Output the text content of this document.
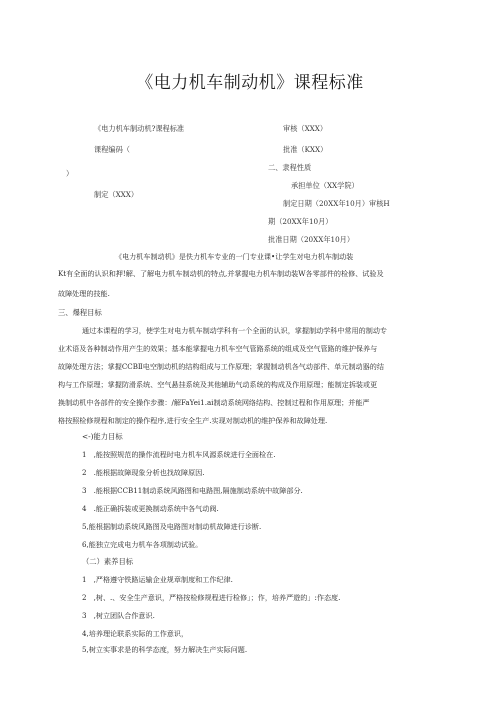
《电力机车制动机》课程标准
《电力机车制动机?课程标准
课程编码（
）
制定（XXX）
审核（XXX）
批准（KXX）
二、隶程性质
承担单位（XX学院）
制定日期（20XX年10月）审核H
期（20XX年10月）
批准日期（20XX年10月）
《电力机车制动机》是佚力机车专业的一门专业课•让学生对电力机车制动装
Kt有全面的认识和押!解、了解电力机车制动机的特点,并掌握电力机车制动装W各零部件的检修、试验及
故障处理的技能.
三、爆程目标
通过本课程的学习，使学生对电力机车制动学科有一个全面的认识，掌握制动学科中常用的制动专
业术语及各种制动作用产生的效果；基本能掌握电力机车空气管路系统的组成及空气管路的维护保养与
故障处理方法；掌握CCBⅡ电空制动机的结构组成与工作原理；掌握制动机各气动部件、单元制动器的结
构与工作原理；掌握防滑系统、空气悬挂系统及其他辅助气动系统的构成及作用原理；能制定拆装或更
换制动机中各部件的安全操作步骤：/解FaYei1.ai制动系统网络结构、控制过程和作用原理；并能严
格按照检修规程和制定的操作程序,进行安全生产.实现对制动机的维护保养和故障处理.
<-)能力目标
1　,能按照规范的操作流程时电力机车风源系统进行全面检在.
2　.能根据故障现象分析也找故障原因.
3　.能根据CCB11制动系统风路图和电路图,隔施制动系统中故障部分.
4　.能正确拆装或更换制动系统中各气动阀.
5,能根据制动系统风路图及电路图对制动机故障进行诊断.
6,能独立完成电力机车各项制动试验。
（二）素养目标
1　,严格遵守铁路运输企业规章制度和工作纪律.
2　,树、.、安全生产意识，严格按检修规程进行检修」；作，培养严遊的」:作态度.
3　,树立团队合作意识.
4,培养理论联系实际的工作意识，
5,树立实事求是的科学态度，努力解决生产实际问题.
